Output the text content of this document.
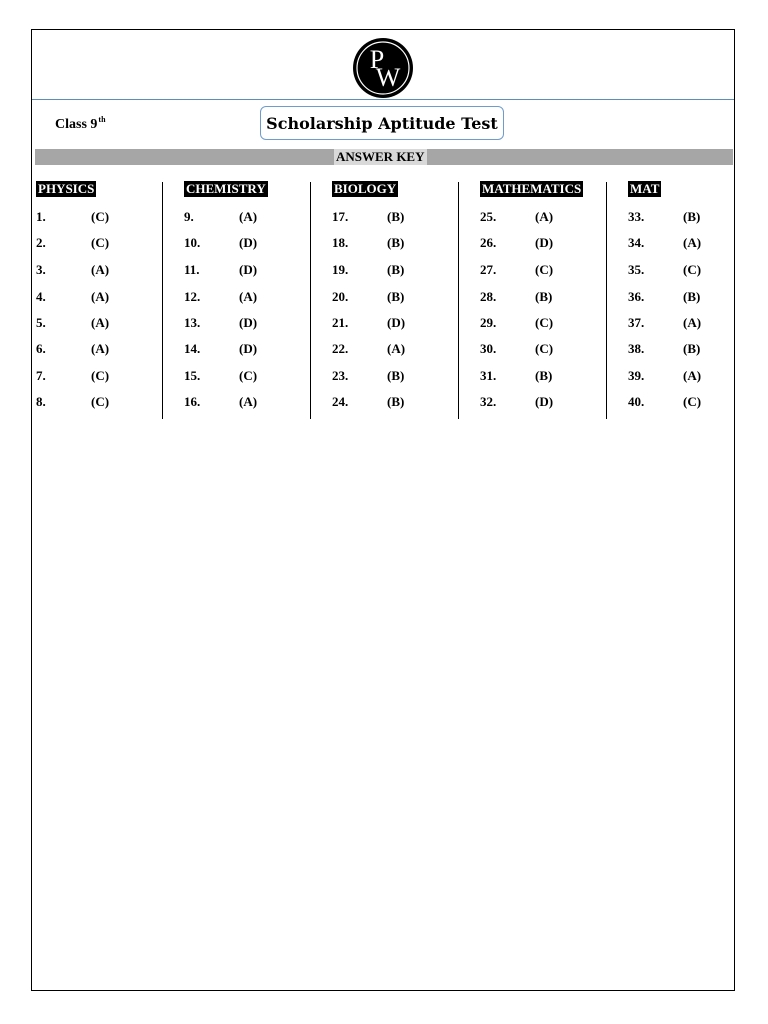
P
W
Class 9th	Scholarship Aptitude Test
ANSWER KEY
PHYSICS
1.	(C)
2.	(C)
3.	(A)
4.	(A)
5.	(A)
6.	(A)
7.	(C)
8.	(C)
CHEMISTRY
9.	(A)
10.	(D)
11.	(D)
12.	(A)
13.	(D)
14.	(D)
15.	(C)
16.	(A)
BIOLOGY
17.	(B)
18.	(B)
19.	(B)
20.	(B)
21.	(D)
22.	(A)
23.	(B)
24.	(B)
MATHEMATICS
25.	(A)
26.	(D)
27.	(C)
28.	(B)
29.	(C)
30.	(C)
31.	(B)
32.	(D)
MAT
33.	(B)
34.	(A)
35.	(C)
36.	(B)
37.	(A)
38.	(B)
39.	(A)
40.	(C)
